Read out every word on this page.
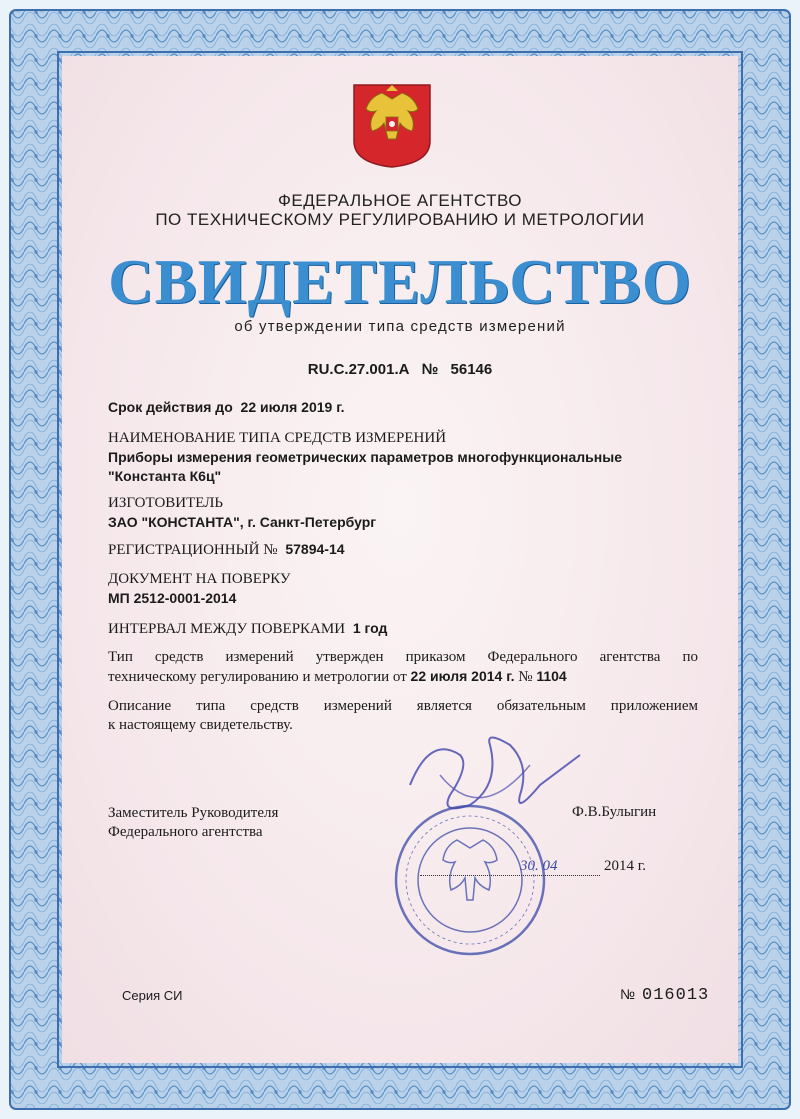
ФЕДЕРАЛЬНОЕ АГЕНТСТВО
ПО ТЕХНИЧЕСКОМУ РЕГУЛИРОВАНИЮ И МЕТРОЛОГИИ
СВИДЕТЕЛЬСТВО
об утверждении типа средств измерений
RU.C.27.001.A № 56146
Срок действия до 22 июля 2019 г.
НАИМЕНОВАНИЕ ТИПА СРЕДСТВ ИЗМЕРЕНИЙ
Приборы измерения геометрических параметров многофункциональные
"Константа К6ц"
ИЗГОТОВИТЕЛЬ
ЗАО "КОНСТАНТА", г. Санкт-Петербург
РЕГИСТРАЦИОННЫЙ № 57894-14
ДОКУМЕНТ НА ПОВЕРКУ
МП 2512-0001-2014
ИНТЕРВАЛ МЕЖДУ ПОВЕРКАМИ 1 год
Тип средств измерений утвержден приказом Федерального агентства по
техническому регулированию и метрологии от 22 июля 2014 г. № 1104
Описание типа средств измерений является обязательным приложением
к настоящему свидетельству.
Заместитель Руководителя
Федерального агентства
Ф.В.Булыгин
30. 04	2014 г.
Серия СИ	№ 016013
